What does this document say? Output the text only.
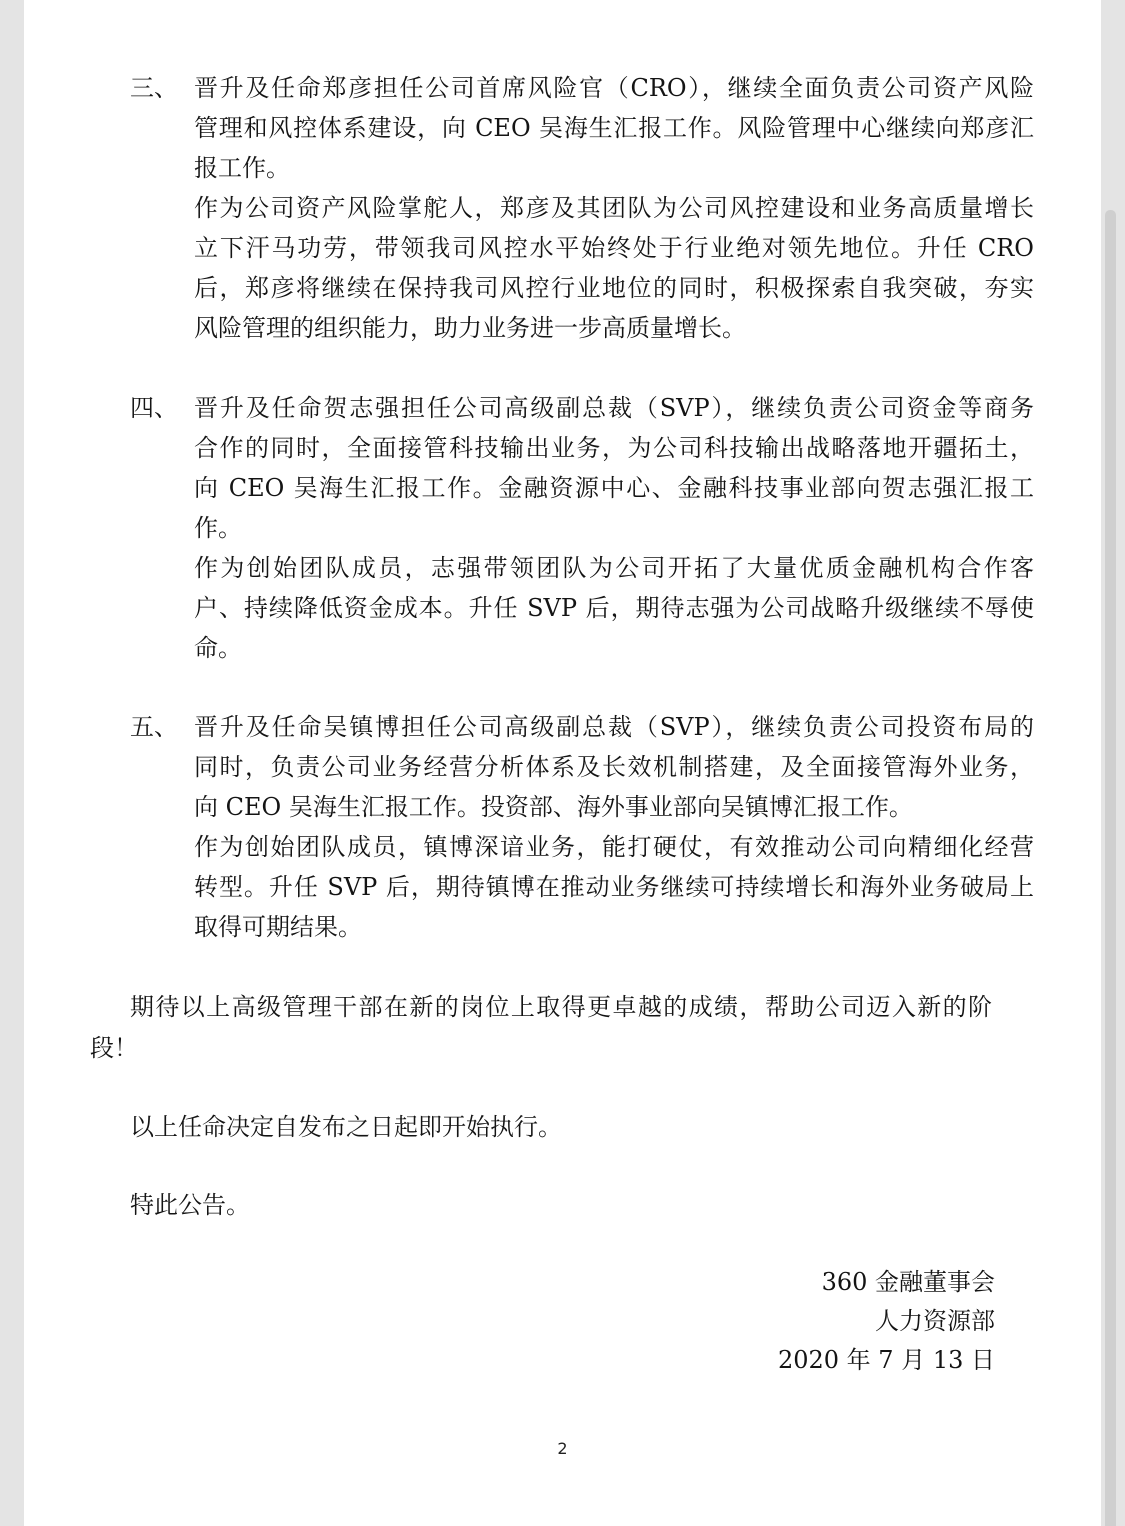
三、 晋升及任命郑彦担任公司首席风险官（CRO），继续全面负责公司资产风险
管理和风控体系建设，向 CEO 吴海生汇报工作。风险管理中心继续向郑彦汇
报工作。
作为公司资产风险掌舵人，郑彦及其团队为公司风控建设和业务高质量增长
立下汗马功劳，带领我司风控水平始终处于行业绝对领先地位。升任 CRO
后，郑彦将继续在保持我司风控行业地位的同时，积极探索自我突破，夯实
风险管理的组织能力，助力业务进一步高质量增长。
四、 晋升及任命贺志强担任公司高级副总裁（SVP），继续负责公司资金等商务
合作的同时，全面接管科技输出业务，为公司科技输出战略落地开疆拓土，
向 CEO 吴海生汇报工作。金融资源中心、金融科技事业部向贺志强汇报工
作。
作为创始团队成员，志强带领团队为公司开拓了大量优质金融机构合作客
户、持续降低资金成本。升任 SVP 后，期待志强为公司战略升级继续不辱使
命。
五、 晋升及任命吴镇博担任公司高级副总裁（SVP），继续负责公司投资布局的
同时，负责公司业务经营分析体系及长效机制搭建，及全面接管海外业务，
向 CEO 吴海生汇报工作。投资部、海外事业部向吴镇博汇报工作。
作为创始团队成员，镇博深谙业务，能打硬仗，有效推动公司向精细化经营
转型。升任 SVP 后，期待镇博在推动业务继续可持续增长和海外业务破局上
取得可期结果。
期待以上高级管理干部在新的岗位上取得更卓越的成绩，帮助公司迈入新的阶
段！
以上任命决定自发布之日起即开始执行。
特此公告。
360 金融董事会
人力资源部
2020 年 7 月 13 日
2
